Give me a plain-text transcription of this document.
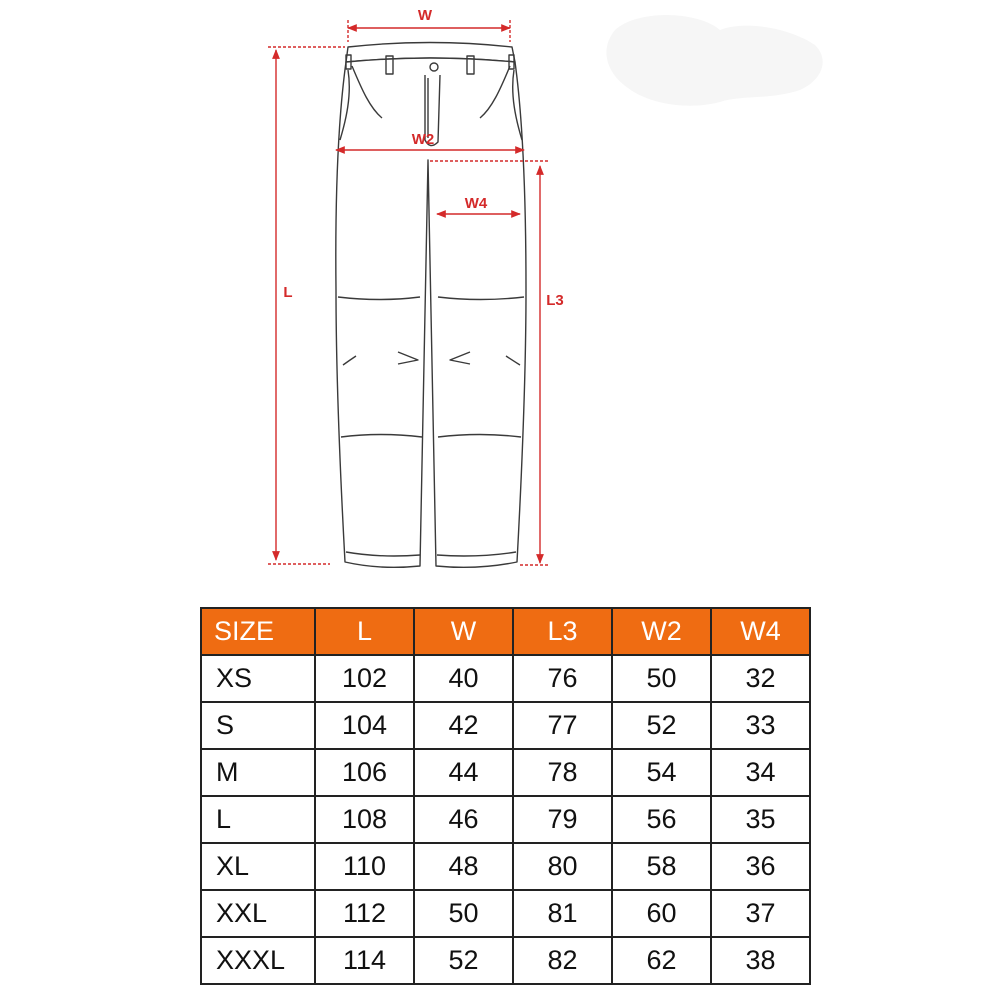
W
W2
W4
L	L3
SIZE	L	W	L3	W2	W4
XS	102	40	76	50	32
S	104	42	77	52	33
M	106	44	78	54	34
L	108	46	79	56	35
XL	110	48	80	58	36
XXL	112	50	81	60	37
XXXL	114	52	82	62	38
